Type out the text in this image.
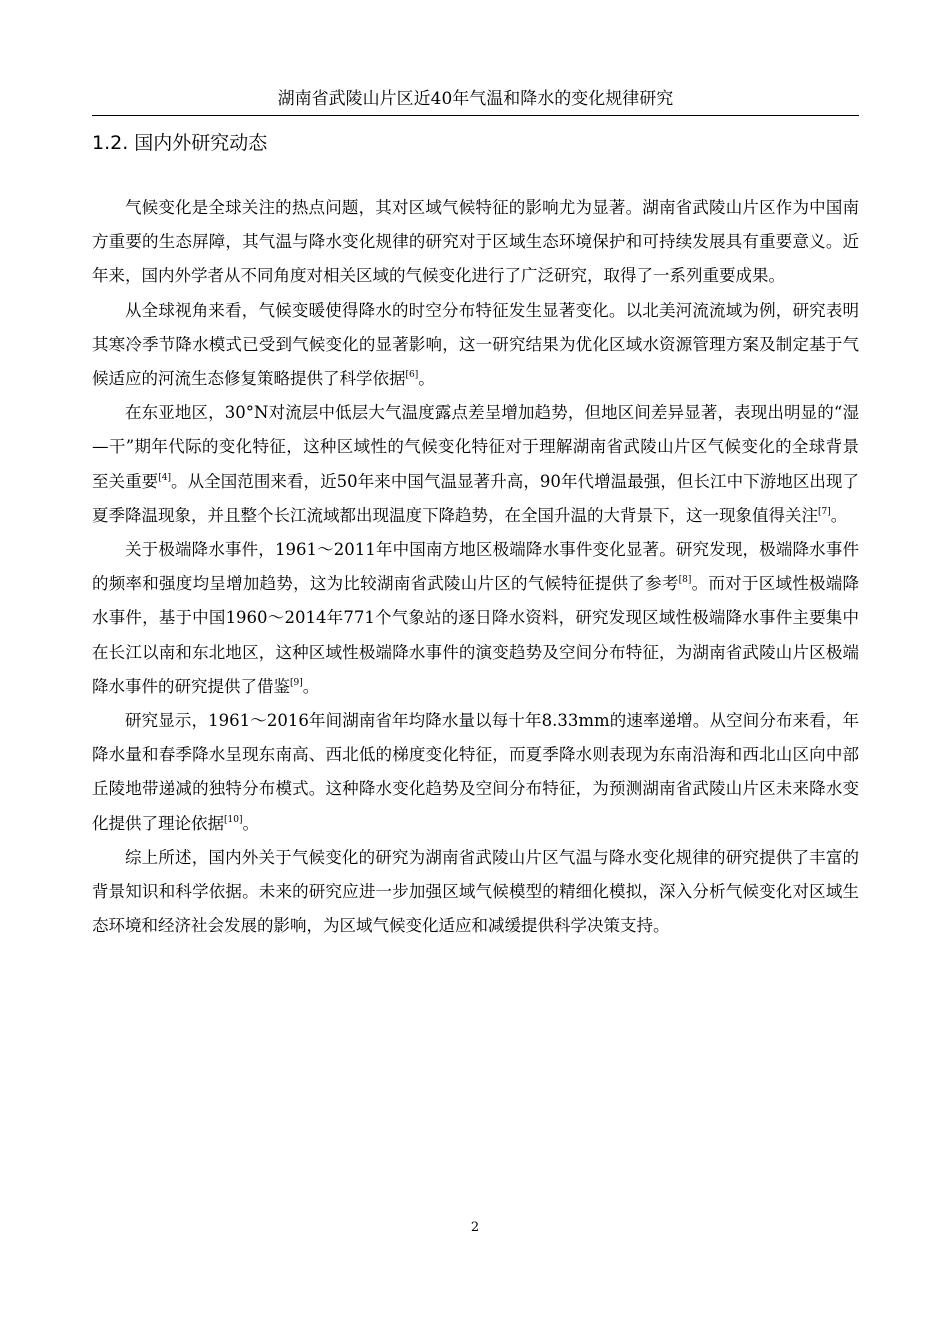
湖南省武陵山片区近40年气温和降水的变化规律研究
1.2. 国内外研究动态

气候变化是全球关注的热点问题，其对区域气候特征的影响尤为显著。湖南省武陵山片区作为中国南方重要的生态屏障，其气温与降水变化规律的研究对于区域生态环境保护和可持续发展具有重要意义。近年来，国内外学者从不同角度对相关区域的气候变化进行了广泛研究，取得了一系列重要成果。

从全球视角来看，气候变暖使得降水的时空分布特征发生显著变化。以北美河流流域为例，研究表明其寒冷季节降水模式已受到气候变化的显著影响，这一研究结果为优化区域水资源管理方案及制定基于气候适应的河流生态修复策略提供了科学依据[6]。

在东亚地区，30°N对流层中低层大气温度露点差呈增加趋势，但地区间差异显著，表现出明显的“湿—干”期年代际的变化特征，这种区域性的气候变化特征对于理解湖南省武陵山片区气候变化的全球背景至关重要[4]。从全国范围来看，近50年来中国气温显著升高，90年代增温最强，但长江中下游地区出现了夏季降温现象，并且整个长江流域都出现温度下降趋势，在全国升温的大背景下，这一现象值得关注[7]。

关于极端降水事件，1961～2011年中国南方地区极端降水事件变化显著。研究发现，极端降水事件的频率和强度均呈增加趋势，这为比较湖南省武陵山片区的气候特征提供了参考[8]。而对于区域性极端降水事件，基于中国1960～2014年771个气象站的逐日降水资料，研究发现区域性极端降水事件主要集中在长江以南和东北地区，这种区域性极端降水事件的演变趋势及空间分布特征，为湖南省武陵山片区极端降水事件的研究提供了借鉴[9]。

研究显示，1961～2016年间湖南省年均降水量以每十年8.33mm的速率递增。从空间分布来看，年降水量和春季降水呈现东南高、西北低的梯度变化特征，而夏季降水则表现为东南沿海和西北山区向中部丘陵地带递减的独特分布模式。这种降水变化趋势及空间分布特征，为预测湖南省武陵山片区未来降水变化提供了理论依据[10]。

综上所述，国内外关于气候变化的研究为湖南省武陵山片区气温与降水变化规律的研究提供了丰富的背景知识和科学依据。未来的研究应进一步加强区域气候模型的精细化模拟，深入分析气候变化对区域生态环境和经济社会发展的影响，为区域气候变化适应和减缓提供科学决策支持。

2
